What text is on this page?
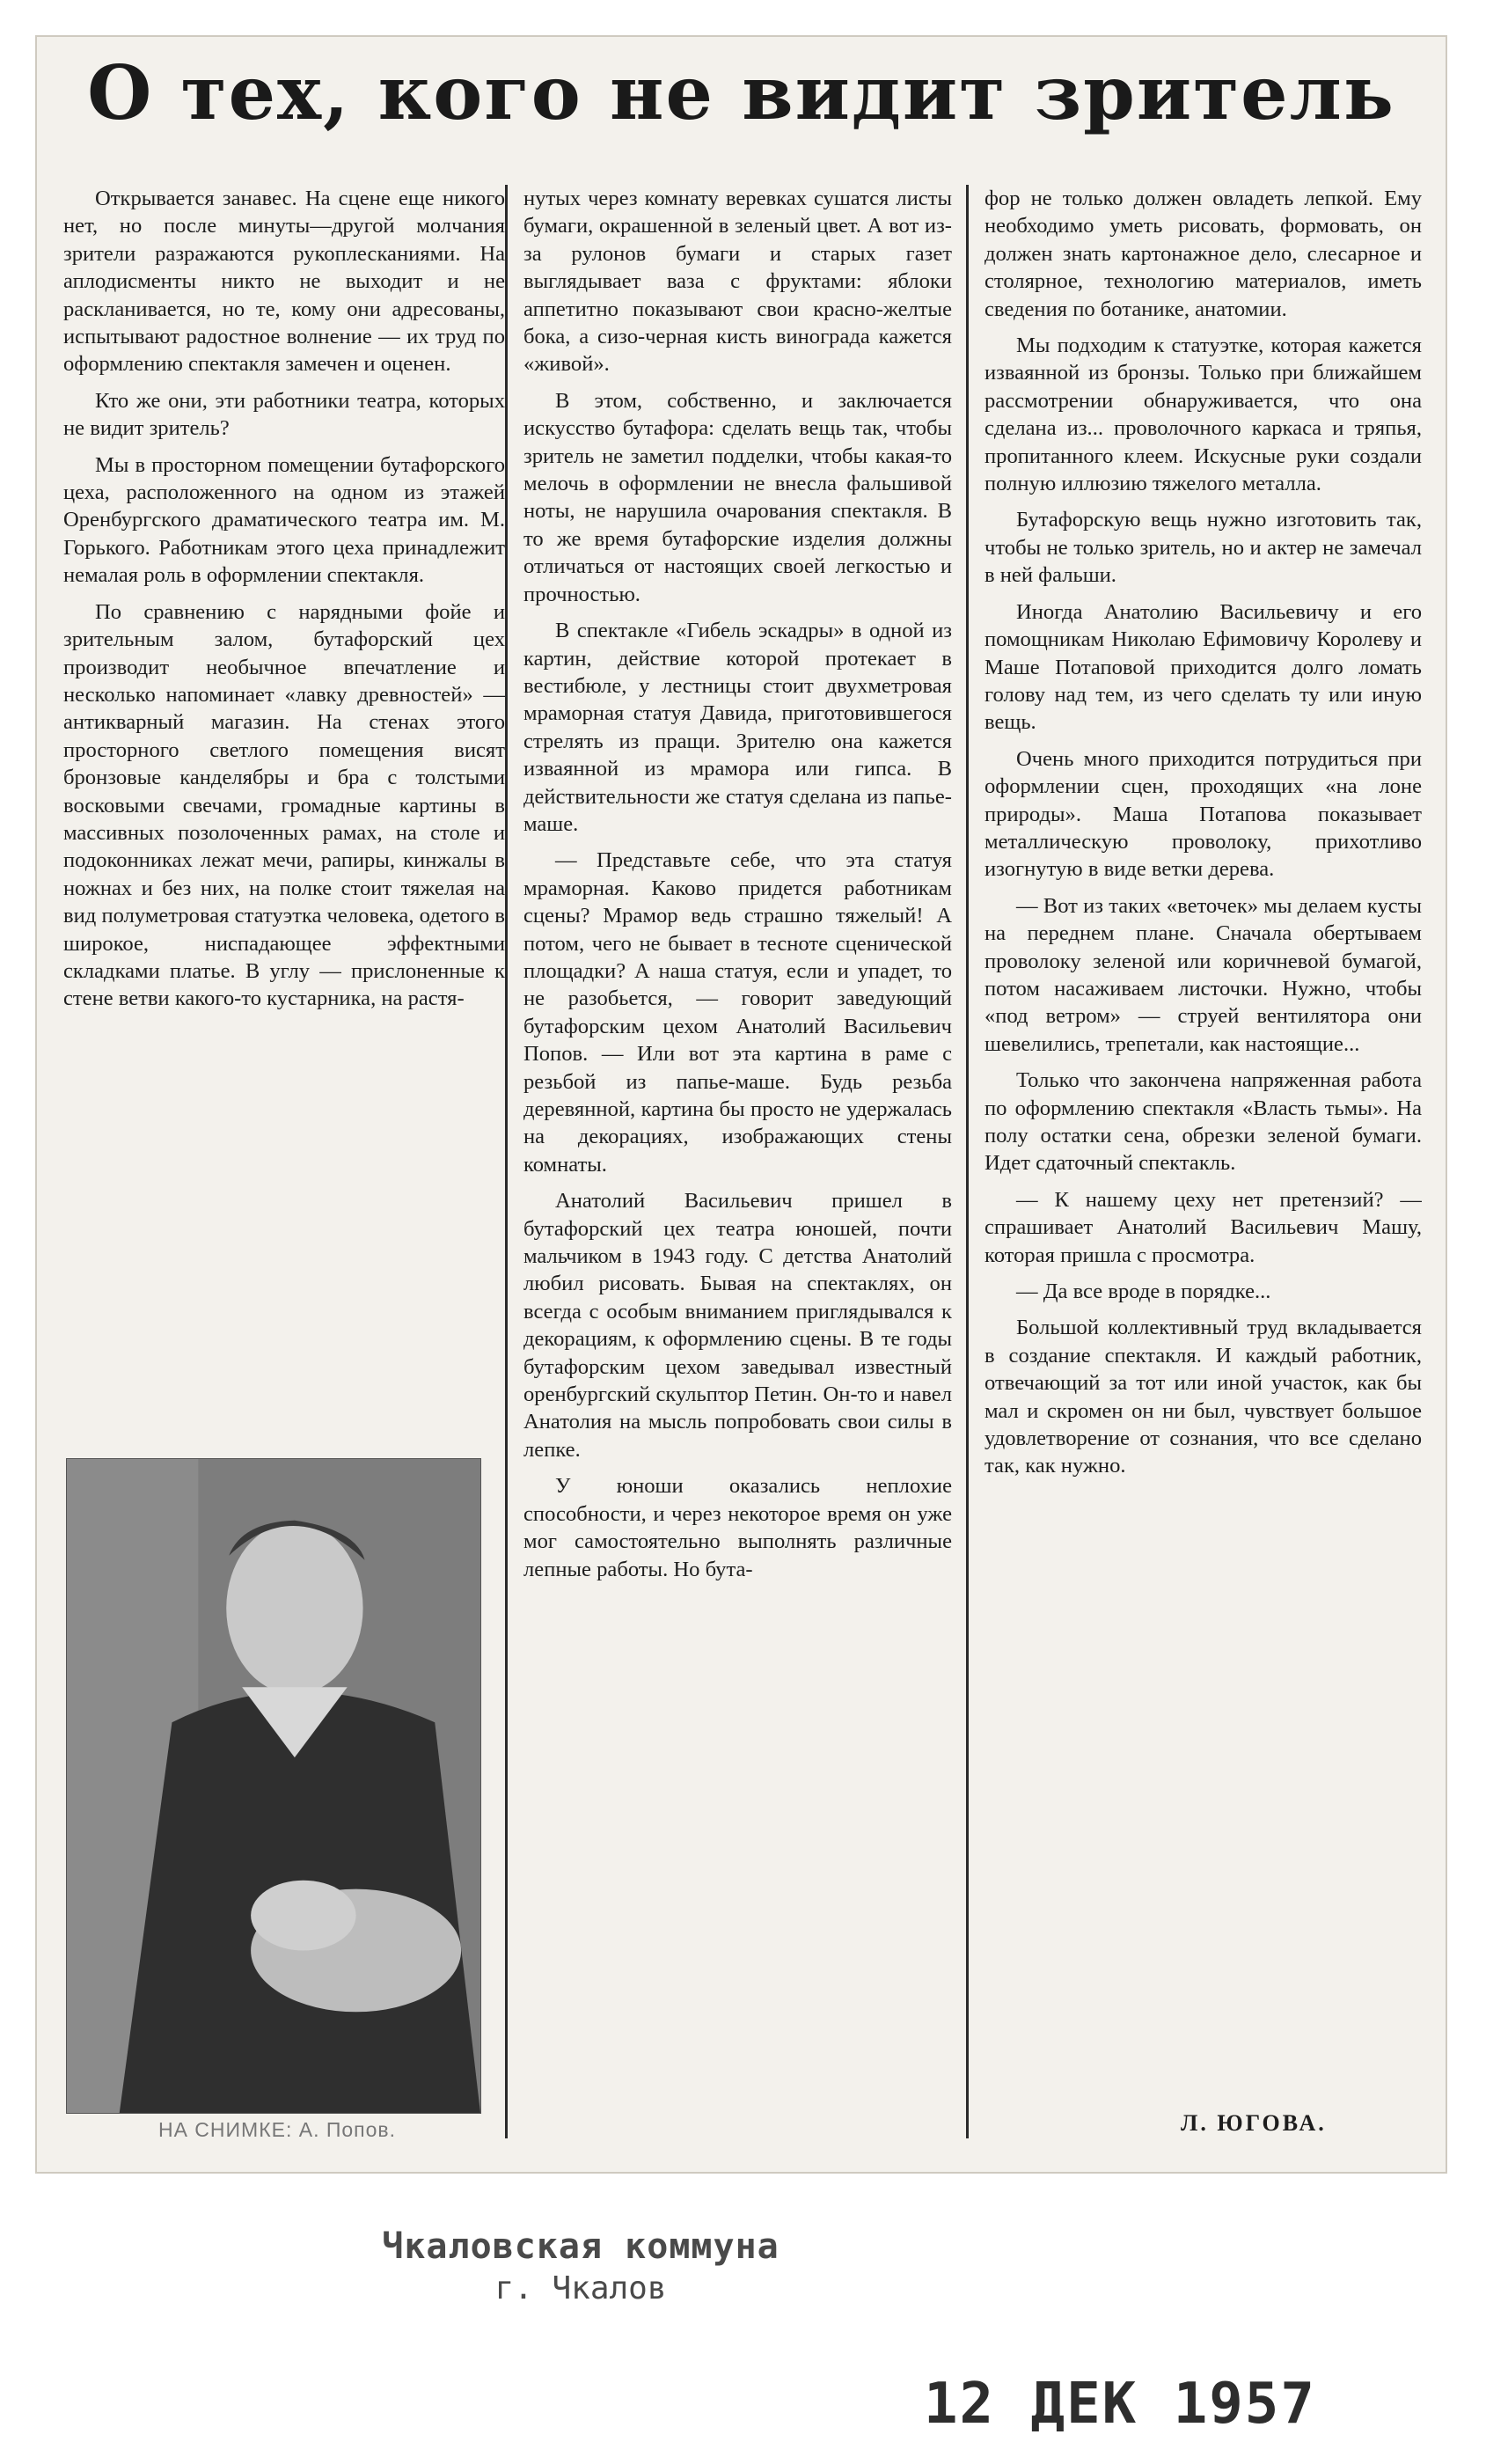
О тех, кого не видит зритель

Открывается занавес. На сцене еще никого нет, но после минуты—другой молчания зрители разражаются рукоплесканиями. На аплодисменты никто не выходит и не раскланивается, но те, кому они адресованы, испытывают радостное волнение — их труд по оформлению спектакля замечен и оценен.

Кто же они, эти работники театра, которых не видит зритель?

Мы в просторном помещении бутафорского цеха, расположенного на одном из этажей Оренбургского драматического театра им. М. Горького. Работникам этого цеха принадлежит немалая роль в оформлении спектакля.

По сравнению с нарядными фойе и зрительным залом, бутафорский цех производит необычное впечатление и несколько напоминает «лавку древностей» — антикварный магазин. На стенах этого просторного светлого помещения висят бронзовые канделябры и бра с толстыми восковыми свечами, громадные картины в массивных позолоченных рамах, на столе и подоконниках лежат мечи, рапиры, кинжалы в ножнах и без них, на полке стоит тяжелая на вид полуметровая статуэтка человека, одетого в широкое, ниспадающее эффектными складками платье. В углу — прислоненные к стене ветви какого-то кустарника, на растя-

НА СНИМКЕ: А. Попов.

нутых через комнату веревках сушатся листы бумаги, окрашенной в зеленый цвет. А вот из-за рулонов бумаги и старых газет выглядывает ваза с фруктами: яблоки аппетитно показывают свои красно-желтые бока, а сизо-черная кисть винограда кажется «живой».

В этом, собственно, и заключается искусство бутафора: сделать вещь так, чтобы зритель не заметил подделки, чтобы какая-то мелочь в оформлении не внесла фальшивой ноты, не нарушила очарования спектакля. В то же время бутафорские изделия должны отличаться от настоящих своей легкостью и прочностью.

В спектакле «Гибель эскадры» в одной из картин, действие которой протекает в вестибюле, у лестницы стоит двухметровая мраморная статуя Давида, приготовившегося стрелять из пращи. Зрителю она кажется изваянной из мрамора или гипса. В действительности же статуя сделана из папье-маше.

— Представьте себе, что эта статуя мраморная. Каково придется работникам сцены? Мрамор ведь страшно тяжелый! А потом, чего не бывает в тесноте сценической площадки? А наша статуя, если и упадет, то не разобьется, — говорит заведующий бутафорским цехом Анатолий Васильевич Попов. — Или вот эта картина в раме с резьбой из папье-маше. Будь резьба деревянной, картина бы просто не удержалась на декорациях, изображающих стены комнаты.

Анатолий Васильевич пришел в бутафорский цех театра юношей, почти мальчиком в 1943 году. С детства Анатолий любил рисовать. Бывая на спектаклях, он всегда с особым вниманием приглядывался к декорациям, к оформлению сцены. В те годы бутафорским цехом заведывал известный оренбургский скульптор Петин. Он-то и навел Анатолия на мысль попробовать свои силы в лепке.

У юноши оказались неплохие способности, и через некоторое время он уже мог самостоятельно выполнять различные лепные работы. Но бута-

фор не только должен овладеть лепкой. Ему необходимо уметь рисовать, формовать, он должен знать картонажное дело, слесарное и столярное, технологию материалов, иметь сведения по ботанике, анатомии.

Мы подходим к статуэтке, которая кажется изваянной из бронзы. Только при ближайшем рассмотрении обнаруживается, что она сделана из... проволочного каркаса и тряпья, пропитанного клеем. Искусные руки создали полную иллюзию тяжелого металла.

Бутафорскую вещь нужно изготовить так, чтобы не только зритель, но и актер не замечал в ней фальши.

Иногда Анатолию Васильевичу и его помощникам Николаю Ефимовичу Королеву и Маше Потаповой приходится долго ломать голову над тем, из чего сделать ту или иную вещь.

Очень много приходится потрудиться при оформлении сцен, проходящих «на лоне природы». Маша Потапова показывает металлическую проволоку, прихотливо изогнутую в виде ветки дерева.

— Вот из таких «веточек» мы делаем кусты на переднем плане. Сначала обертываем проволоку зеленой или коричневой бумагой, потом насаживаем листочки. Нужно, чтобы «под ветром» — струей вентилятора они шевелились, трепетали, как настоящие...

Только что закончена напряженная работа по оформлению спектакля «Власть тьмы». На полу остатки сена, обрезки зеленой бумаги. Идет сдаточный спектакль.

— К нашему цеху нет претензий? — спрашивает Анатолий Васильевич Машу, которая пришла с просмотра.

— Да все вроде в порядке...

Большой коллективный труд вкладывается в создание спектакля. И каждый работник, отвечающий за тот или иной участок, как бы мал и скромен он ни был, чувствует большое удовлетворение от сознания, что все сделано так, как нужно.

Л. ЮГОВА.
Чкаловская коммуна
г. Чкалов
12 ДЕК 1957
